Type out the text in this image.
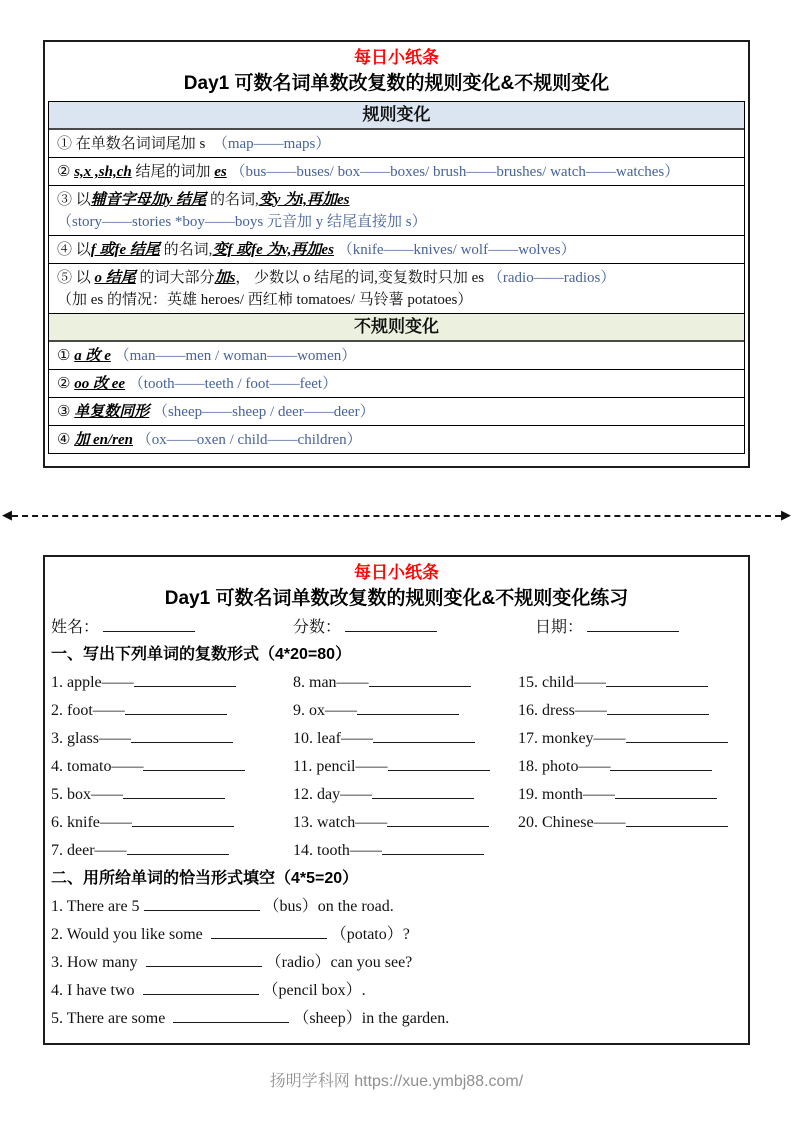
每日小纸条
Day1 可数名词单数改复数的规则变化&不规则变化
规则变化
① 在单数名词词尾加 s　（map——maps）
② s,x ,sh,ch 结尾的词加 es （bus——buses/ box——boxes/ brush——brushes/ watch——watches）
③ 以辅音字母加y 结尾 的名词,变y 为i,再加es
（story——stories *boy——boys 元音加 y 结尾直接加 s）
④ 以f 或fe 结尾 的名词,变f 或fe 为v,再加es （knife——knives/ wolf——wolves）
⑤ 以 o 结尾 的词大部分加s， 少数以 o 结尾的词,变复数时只加 es （radio——radios）
（加 es 的情况：英雄 heroes/ 西红柿 tomatoes/ 马铃薯 potatoes）
不规则变化
① a 改 e （man——men / woman——women）
② oo 改 ee （tooth——teeth / foot——feet）
③ 单复数同形 （sheep——sheep / deer——deer）
④ 加 en/ren （ox——oxen / child——children）
◀	▶
每日小纸条
Day1 可数名词单数改复数的规则变化&不规则变化练习
姓名：	分数：	日期：
一、写出下列单词的复数形式（4*20=80）
1. apple——
2. foot——
3. glass——
4. tomato——
5. box——
6. knife——
7. deer——
8. man——
9. ox——
10. leaf——
11. pencil——
12. day——
13. watch——
14. tooth——
15. child——
16. dress——
17. monkey——
18. photo——
19. month——
20. Chinese——
二、用所给单词的恰当形式填空（4*5=20）
1. There are 5	（bus）on the road.
2. Would you like some	（potato）?
3. How many	（radio）can you see?
4. I have two	（pencil box）.
5. There are some	（sheep）in the garden.
扬明学科网 https://xue.ymbj88.com/
